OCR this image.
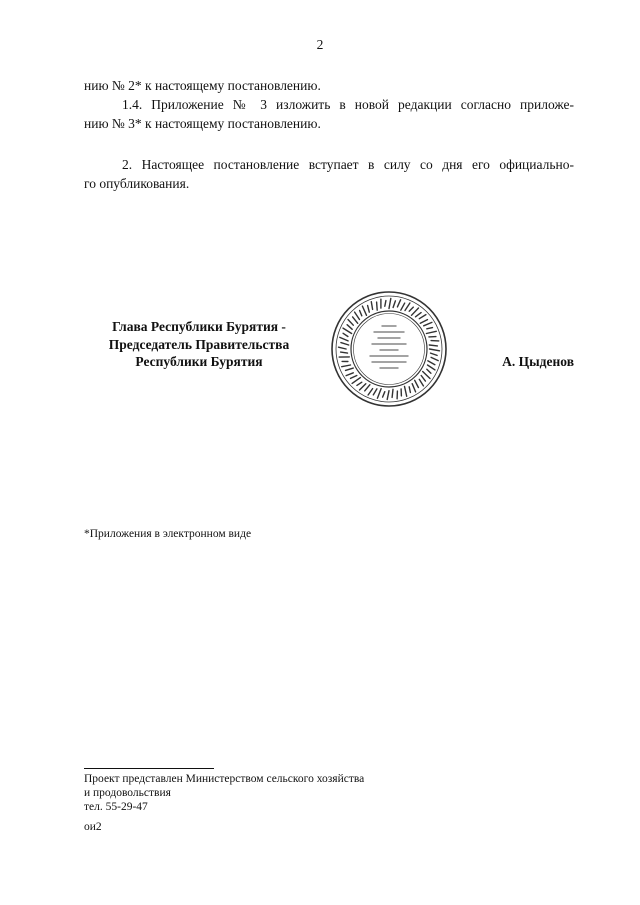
2
нию № 2* к настоящему постановлению.
1.4. Приложение № 3 изложить в новой редакции согласно приложе-
нию № 3* к настоящему постановлению.
2. Настоящее постановление вступает в силу со дня его официально-
го опубликования.
Глава Республики Бурятия -
Председатель Правительства
Республики Бурятия	А. Цыденов
*Приложения в электронном виде
Проект представлен Министерством сельского хозяйства
и продовольствия
тел. 55-29-47
ои2
